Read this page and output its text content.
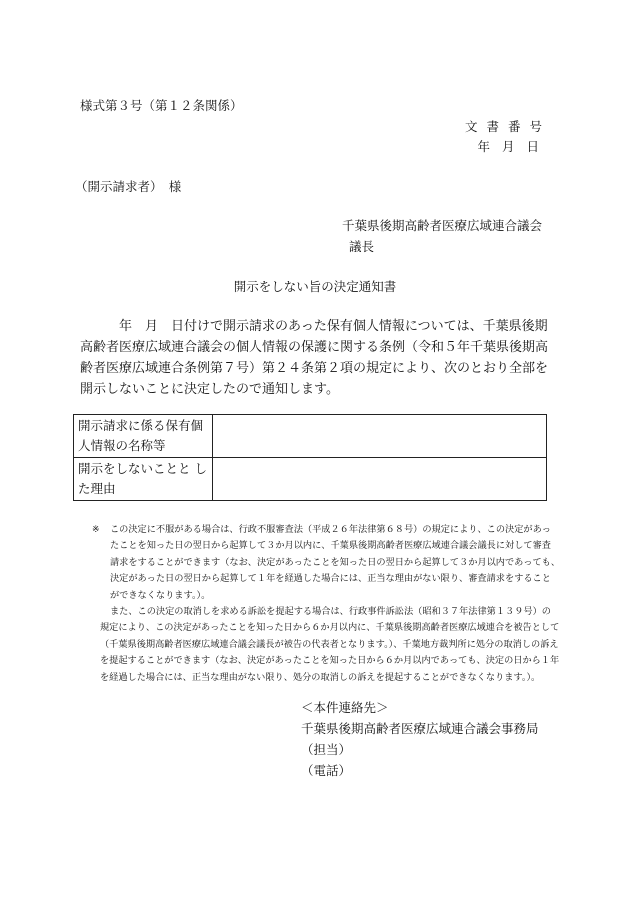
様式第３号（第１２条関係）
文書番号
年月日
（開示請求者）　様
千葉県後期高齢者医療広域連合議会
議長
開示をしない旨の決定通知書

　　　年　月　日付けで開示請求のあった保有個人情報については、千葉県後期高齢者医療広域連合議会の個人情報の保護に関する条例（令和５年千葉県後期高齢者医療広域連合条例第７号）第２４条第２項の規定により、次のとおり全部を開示しないことに決定したので通知します。

開示請求に係る保有個人情報の名称等	
開示をしないことと した理由	
※	この決定に不服がある場合は、行政不服審査法（平成２６年法律第６８号）の規定により、この決定があったことを知った日の翌日から起算して３か月以内に、千葉県後期高齢者医療広域連合議会議長に対して審査請求をすることができます（なお、決定があったことを知った日の翌日から起算して３か月以内であっても、決定があった日の翌日から起算して１年を経過した場合には、正当な理由がない限り、審査請求をすることができなくなります。）。

また、この決定の取消しを求める訴訟を提起する場合は、行政事件訴訟法（昭和３７年法律第１３９号）の規定により、この決定があったことを知った日から６か月以内に、千葉県後期高齢者医療広域連合を被告として（千葉県後期高齢者医療広域連合議会議長が被告の代表者となります。）、千葉地方裁判所に処分の取消しの訴えを提起することができます（なお、決定があったことを知った日から６か月以内であっても、決定の日から１年を経過した場合には、正当な理由がない限り、処分の取消しの訴えを提起することができなくなります。）。

＜本件連絡先＞
千葉県後期高齢者医療広域連合議会事務局
（担当）
（電話）
